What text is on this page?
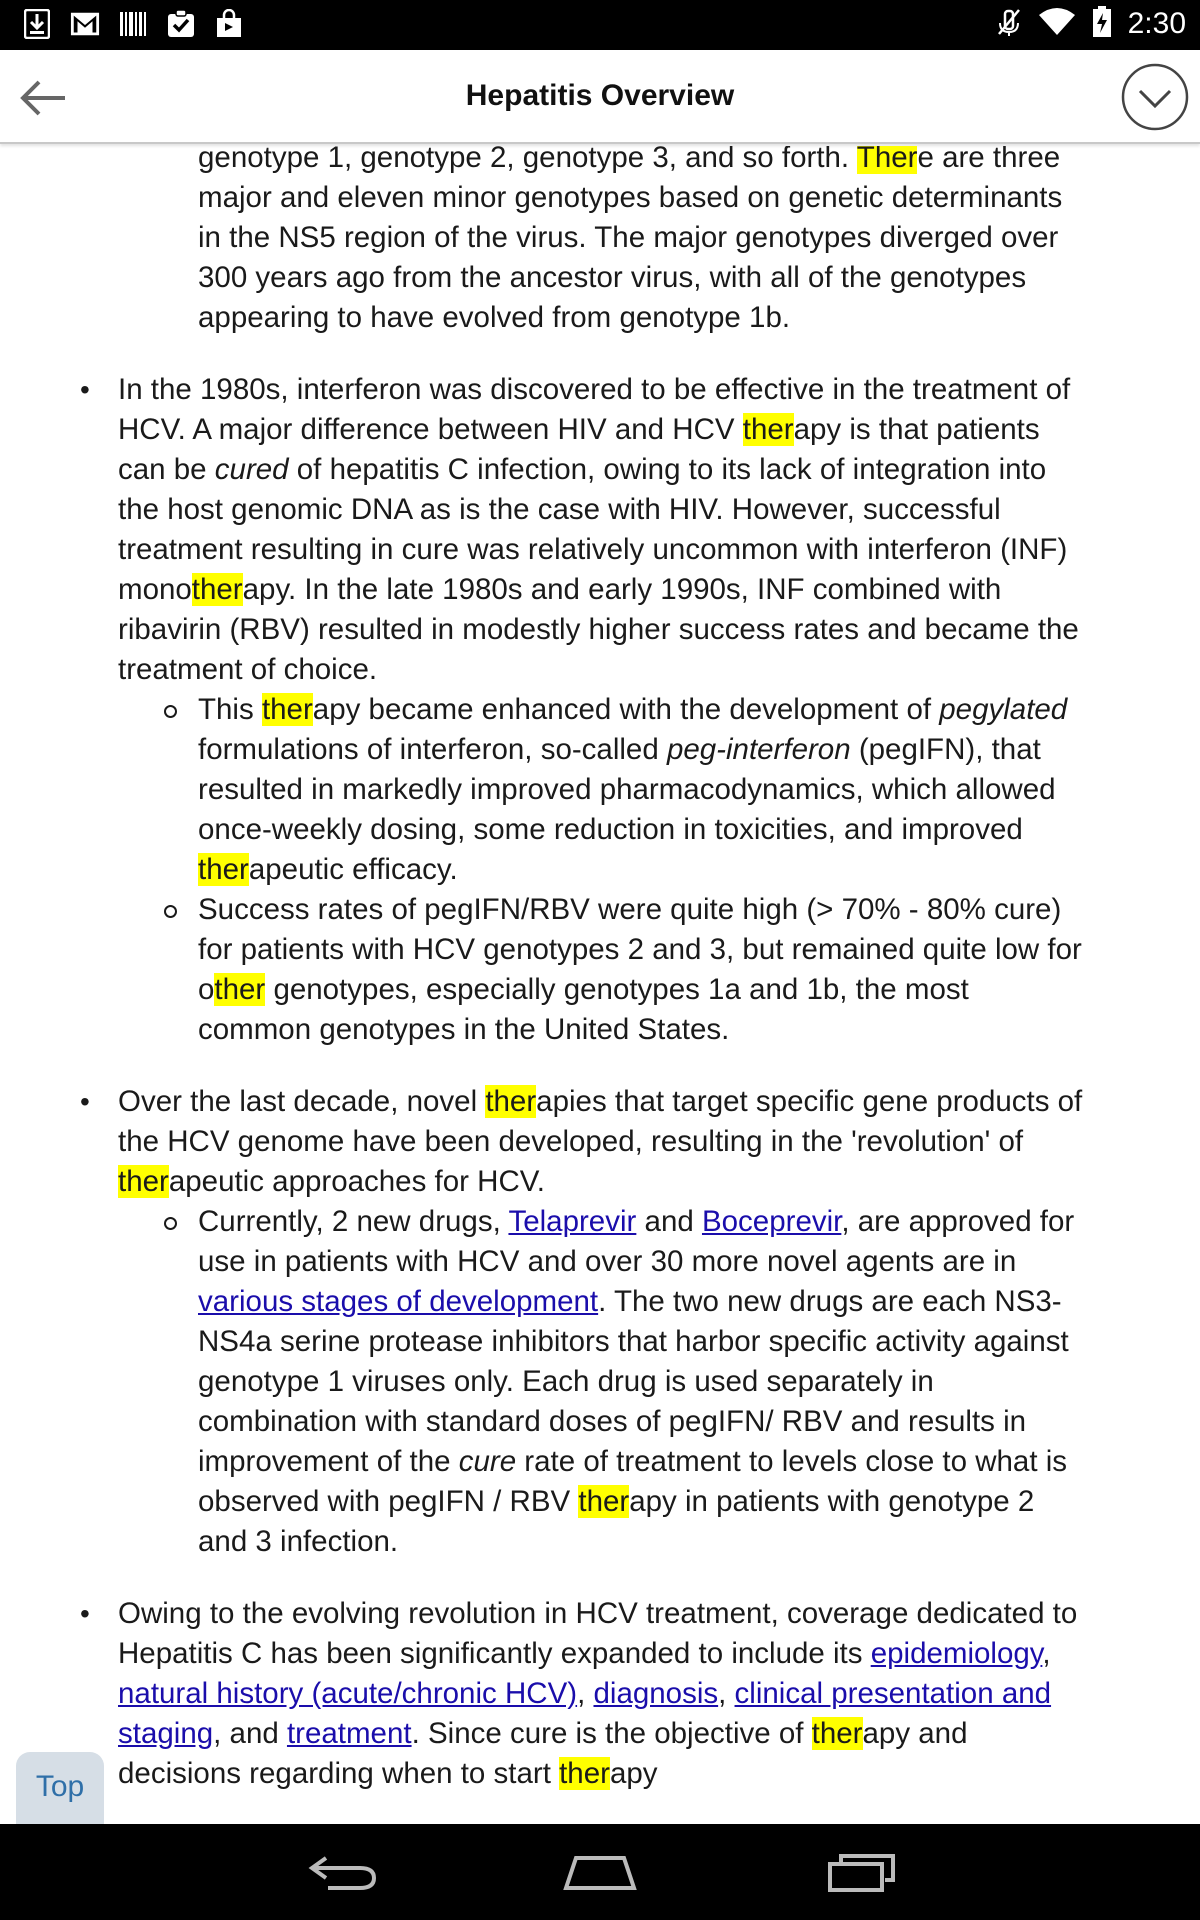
2:30
Hepatitis Overview
genotype 1, genotype 2, genotype 3, and so forth. There are three major and eleven minor genotypes based on genetic determinants in the NS5 region of the virus. The major genotypes diverged over 300 years ago from the ancestor virus, with all of the genotypes appearing to have evolved from genotype 1b.

• In the 1980s, interferon was discovered to be effective in the treatment of HCV. A major difference between HIV and HCV therapy is that patients can be cured of hepatitis C infection, owing to its lack of integration into the host genomic DNA as is the case with HIV. However, successful treatment resulting in cure was relatively uncommon with interferon (INF) monotherapy. In the late 1980s and early 1990s, INF combined with ribavirin (RBV) resulted in modestly higher success rates and became the treatment of choice.

This therapy became enhanced with the development of pegylated formulations of interferon, so-called peg-interferon (pegIFN), that resulted in markedly improved pharmacodynamics, which allowed once-weekly dosing, some reduction in toxicities, and improved therapeutic efficacy.
Success rates of pegIFN/RBV were quite high (> 70% - 80% cure) for patients with HCV genotypes 2 and 3, but remained quite low for other genotypes, especially genotypes 1a and 1b, the most common genotypes in the United States.

• Over the last decade, novel therapies that target specific gene products of the HCV genome have been developed, resulting in the 'revolution' of therapeutic approaches for HCV.

Currently, 2 new drugs, Telaprevir and Boceprevir, are approved for use in patients with HCV and over 30 more novel agents are in various stages of development. The two new drugs are each NS3-NS4a serine protease inhibitors that harbor specific activity against genotype 1 viruses only. Each drug is used separately in combination with standard doses of pegIFN/ RBV and results in improvement of the cure rate of treatment to levels close to what is observed with pegIFN / RBV therapy in patients with genotype 2 and 3 infection.

• Owing to the evolving revolution in HCV treatment, coverage dedicated to Hepatitis C has been significantly expanded to include its epidemiology, natural history (acute/chronic HCV), diagnosis, clinical presentation and staging, and treatment. Since cure is the objective of therapy and decisions regarding when to start therapy

Top
